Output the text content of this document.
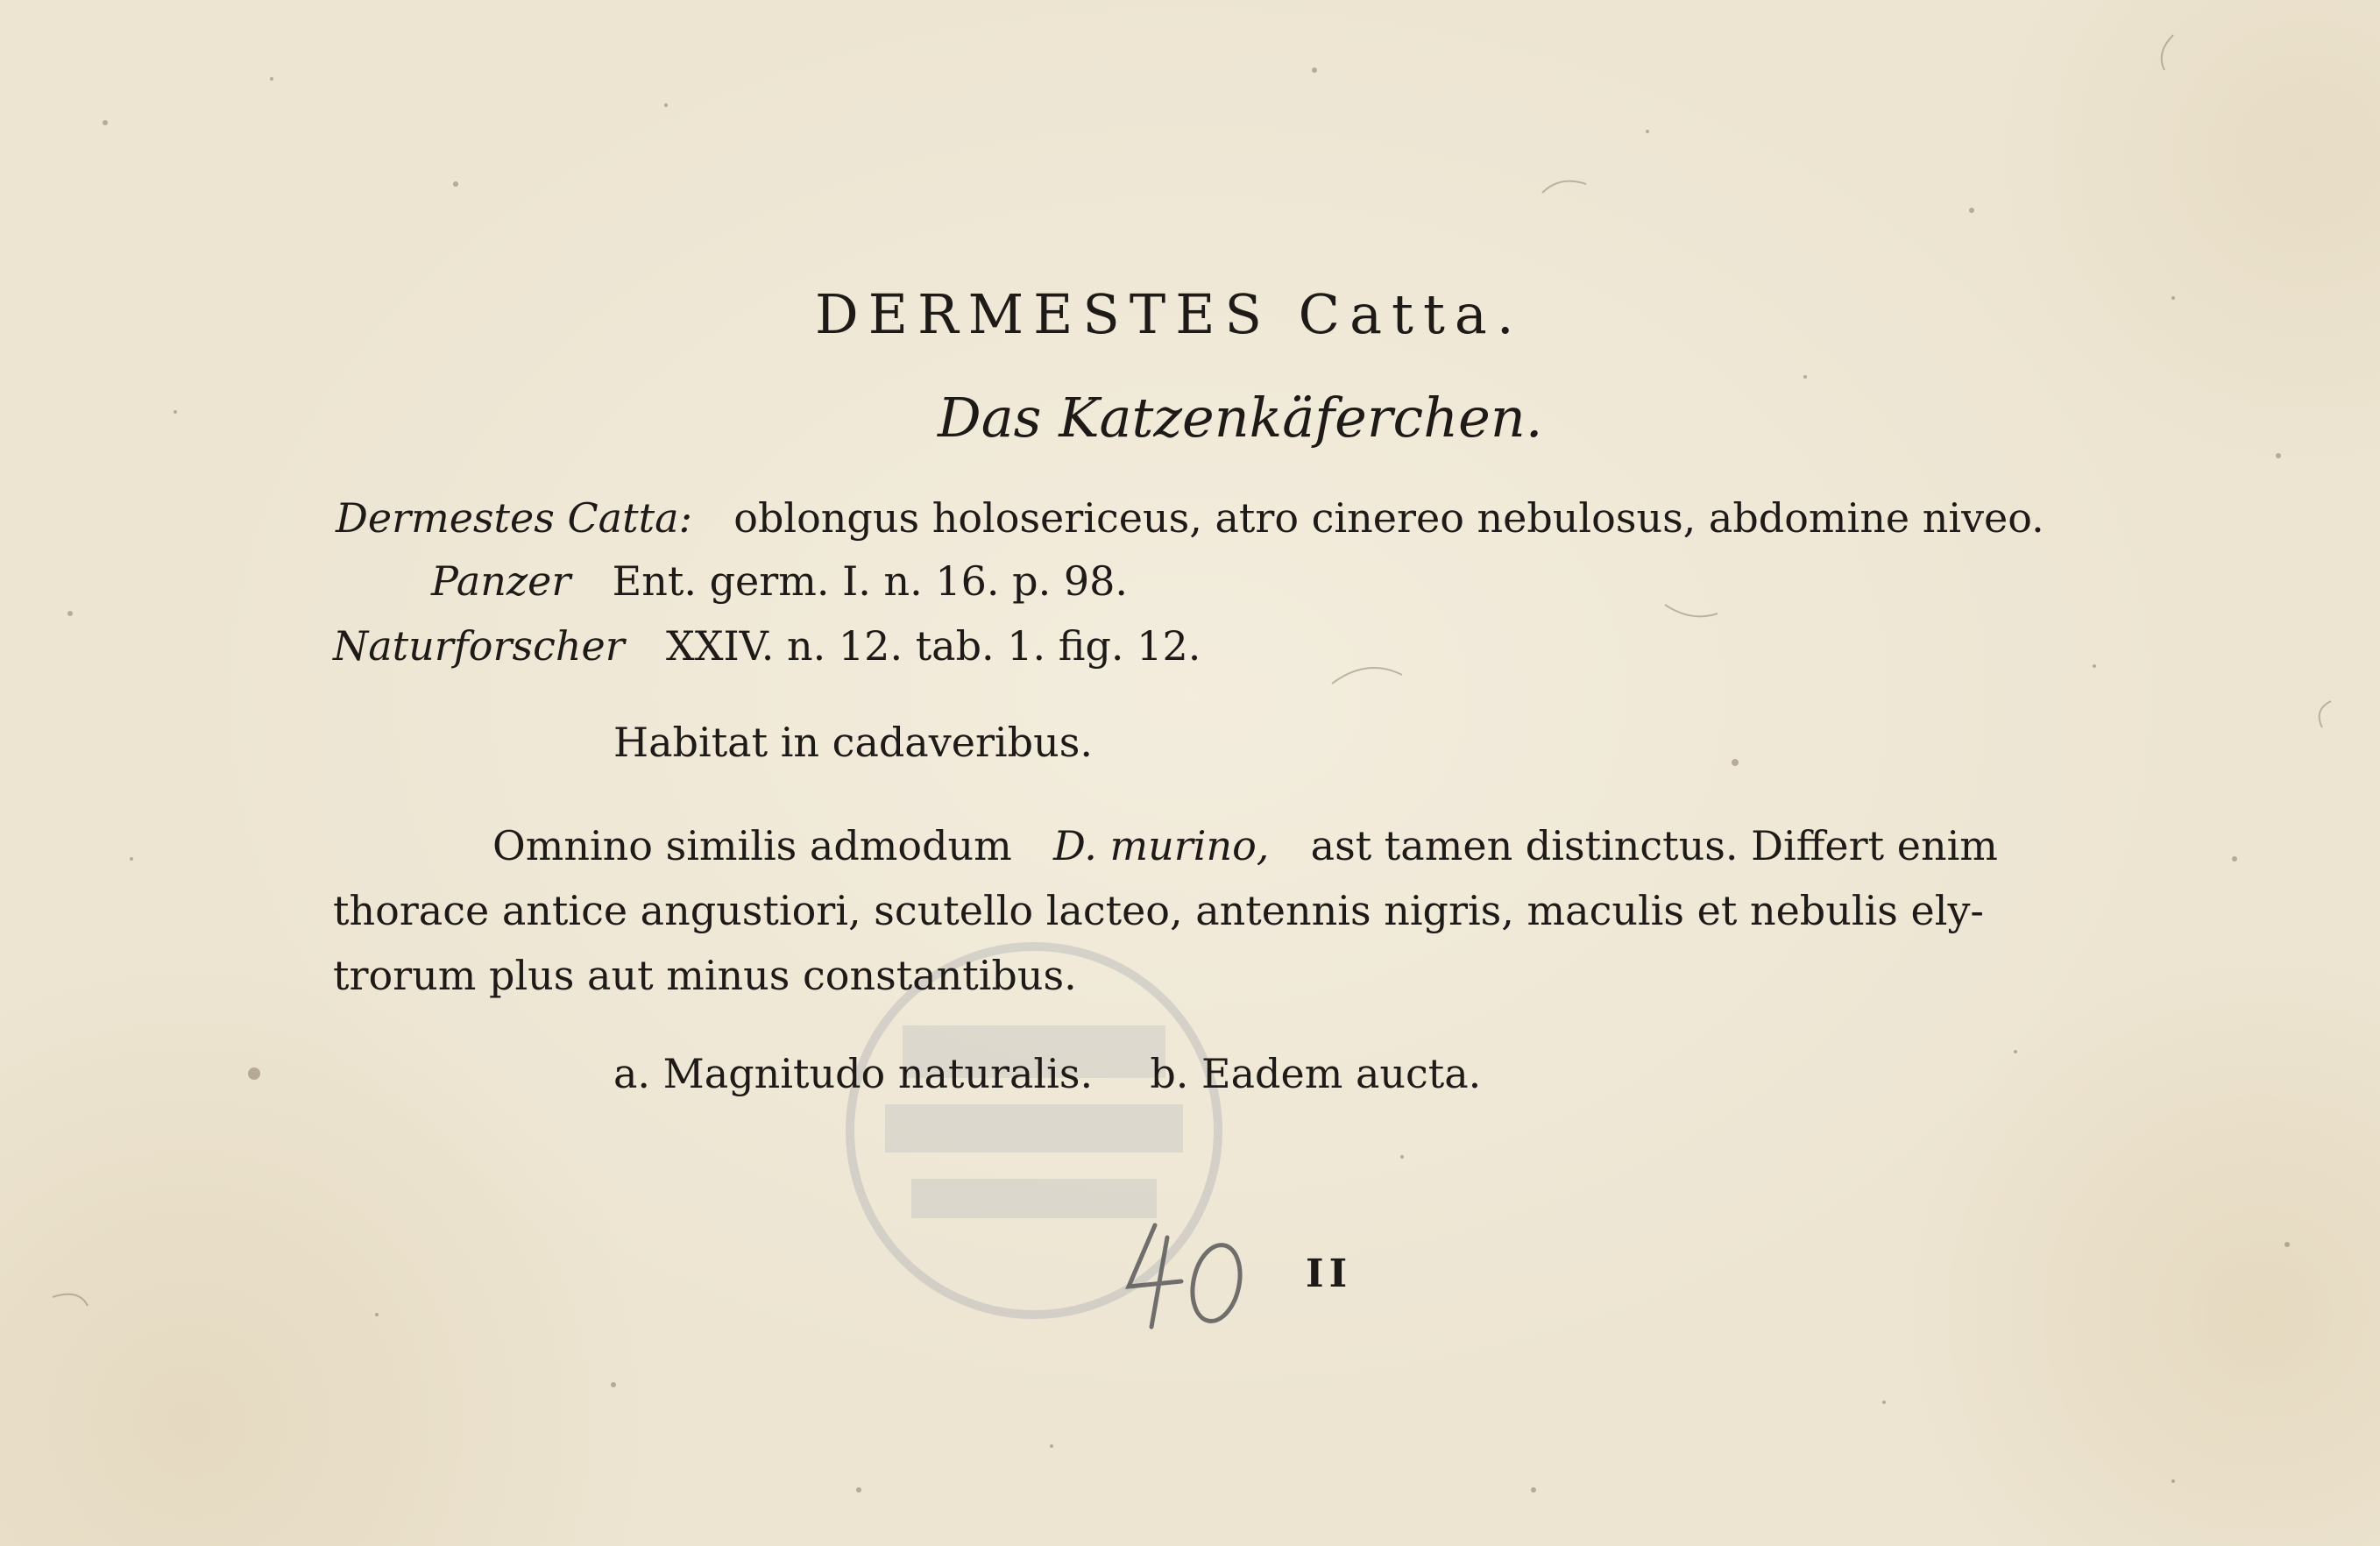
DERMESTES Catta.
Das Katzenkäferchen.
Dermestes Catta: oblongus holosericeus, atro cinereo nebulosus, abdomine niveo.
Panzer Ent. germ. I. n. 16. p. 98.
Naturforscher XXIV. n. 12. tab. 1. fig. 12.
Habitat in cadaveribus.
Omnino similis admodum D. murino, ast tamen distinctus. Differt enim
thorace antice angustiori, scutello lacteo, antennis nigris, maculis et nebulis ely-
trorum plus aut minus constantibus.
a. Magnitudo naturalis. b. Eadem aucta.
II
